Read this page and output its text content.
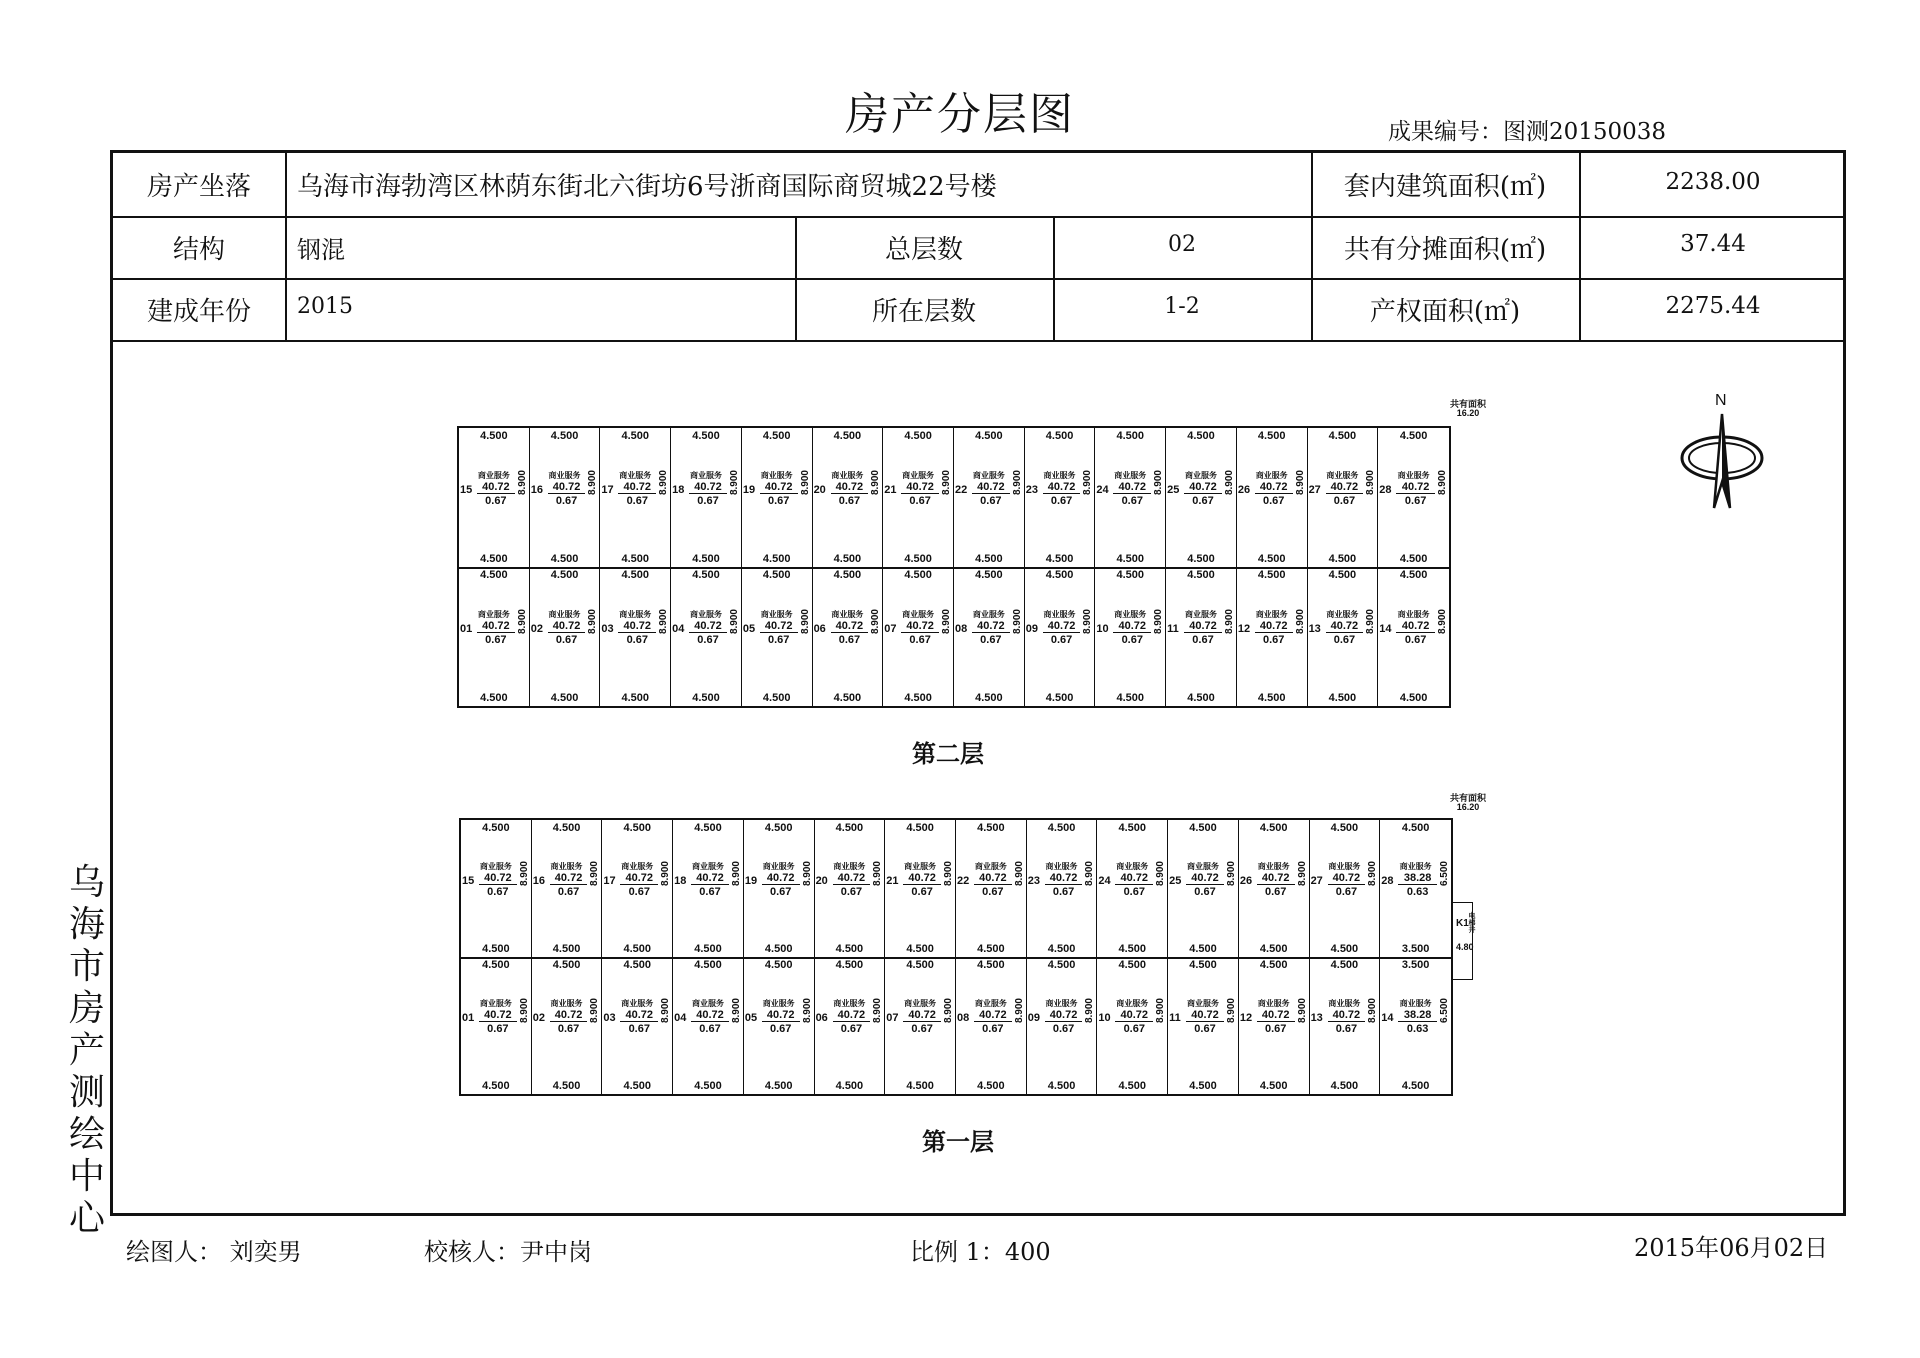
房产分层图	成果编号：图测20150038
乌
海
市
房
产
测
绘
中
心
房产坐落	乌海市海勃湾区林荫东街北六街坊6号浙商国际商贸城22号楼	套内建筑面积(㎡)	2238.00
结构	钢混	总层数	02	共有分摊面积(㎡)	37.44
建成年份	2015	所在层数	1-2	产权面积(㎡)	2275.44
N
4.500
商业服务
40.72
0.67
15	8.900
4.500
4.500
商业服务
40.72
0.67
16	8.900
4.500
4.500
商业服务
40.72
0.67
17	8.900
4.500
4.500
商业服务
40.72
0.67
18	8.900
4.500
4.500
商业服务
40.72
0.67
19	8.900
4.500
4.500
商业服务
40.72
0.67
20	8.900
4.500
4.500
商业服务
40.72
0.67
21	8.900
4.500
4.500
商业服务
40.72
0.67
22	8.900
4.500
4.500
商业服务
40.72
0.67
23	8.900
4.500
4.500
商业服务
40.72
0.67
24	8.900
4.500
4.500
商业服务
40.72
0.67
25	8.900
4.500
4.500
商业服务
40.72
0.67
26	8.900
4.500
4.500
商业服务
40.72
0.67
27	8.900
4.500
4.500
商业服务
40.72
0.67
28	8.900
4.500
4.500
商业服务
40.72
0.67
01	8.900
4.500
4.500
商业服务
40.72
0.67
02	8.900
4.500
4.500
商业服务
40.72
0.67
03	8.900
4.500
4.500
商业服务
40.72
0.67
04	8.900
4.500
4.500
商业服务
40.72
0.67
05	8.900
4.500
4.500
商业服务
40.72
0.67
06	8.900
4.500
4.500
商业服务
40.72
0.67
07	8.900
4.500
4.500
商业服务
40.72
0.67
08	8.900
4.500
4.500
商业服务
40.72
0.67
09	8.900
4.500
4.500
商业服务
40.72
0.67
10	8.900
4.500
4.500
商业服务
40.72
0.67
11	8.900
4.500
4.500
商业服务
40.72
0.67
12	8.900
4.500
4.500
商业服务
40.72
0.67
13	8.900
4.500
4.500
商业服务
40.72
0.67
14	8.900
4.500
共有面积
16.20
第二层
4.500
商业服务
40.72
0.67
15	8.900
4.500
4.500
商业服务
40.72
0.67
16	8.900
4.500
4.500
商业服务
40.72
0.67
17	8.900
4.500
4.500
商业服务
40.72
0.67
18	8.900
4.500
4.500
商业服务
40.72
0.67
19	8.900
4.500
4.500
商业服务
40.72
0.67
20	8.900
4.500
4.500
商业服务
40.72
0.67
21	8.900
4.500
4.500
商业服务
40.72
0.67
22	8.900
4.500
4.500
商业服务
40.72
0.67
23	8.900
4.500
4.500
商业服务
40.72
0.67
24	8.900
4.500
4.500
商业服务
40.72
0.67
25	8.900
4.500
4.500
商业服务
40.72
0.67
26	8.900
4.500
4.500
商业服务
40.72
0.67
27	8.900
4.500
4.500
商业服务
38.28
0.63
28	6.500
3.500
4.500
商业服务
40.72
0.67
01	8.900
4.500
4.500
商业服务
40.72
0.67
02	8.900
4.500
4.500
商业服务
40.72
0.67
03	8.900
4.500
4.500
商业服务
40.72
0.67
04	8.900
4.500
4.500
商业服务
40.72
0.67
05	8.900
4.500
4.500
商业服务
40.72
0.67
06	8.900
4.500
4.500
商业服务
40.72
0.67
07	8.900
4.500
4.500
商业服务
40.72
0.67
08	8.900
4.500
4.500
商业服务
40.72
0.67
09	8.900
4.500
4.500
商业服务
40.72
0.67
10	8.900
4.500
4.500
商业服务
40.72
0.67
11	8.900
4.500
4.500
商业服务
40.72
0.67
12	8.900
4.500
4.500
商业服务
40.72
0.67
13	8.900
4.500
3.500
商业服务
38.28
0.63
14	6.500
4.500
共有面积
16.20
K1 电梯井
4.80
第一层
绘图人： 刘奕男	校核人：尹中岗	比例 1：400	2015年06月02日
